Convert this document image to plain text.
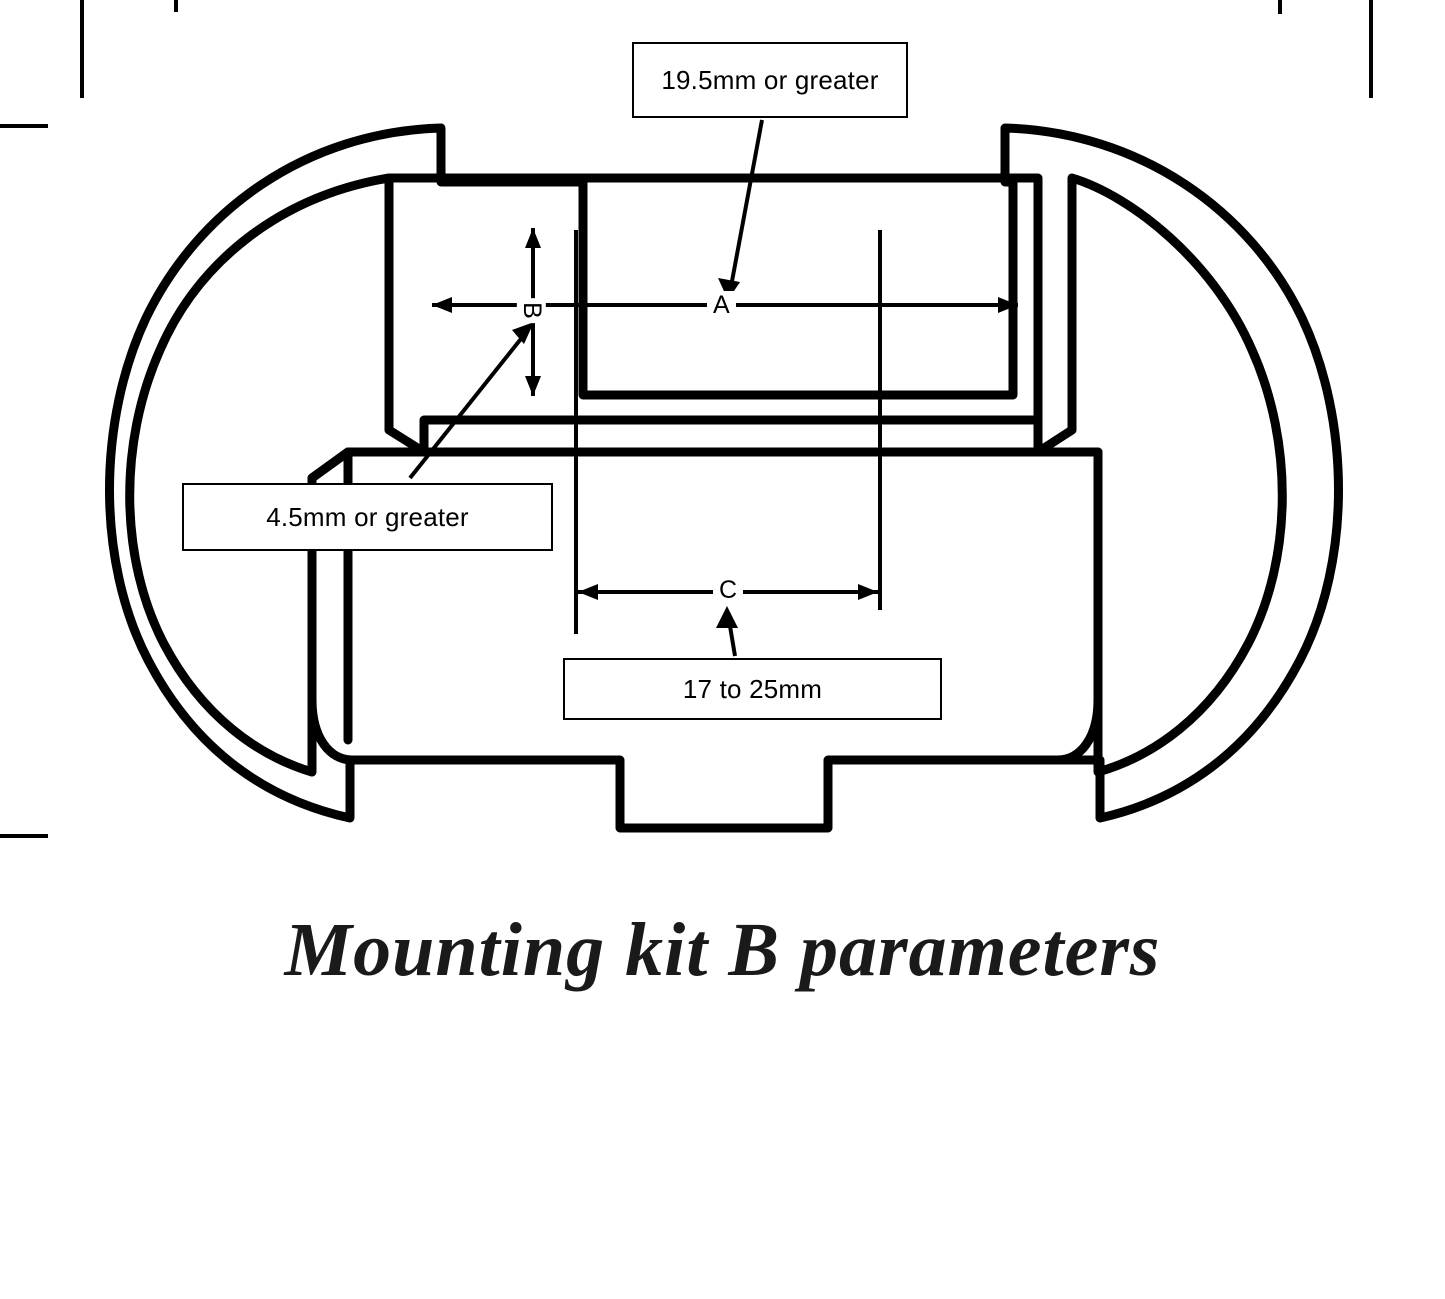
19.5mm or greater
4.5mm or greater
17 to 25mm
A
B
C
Mounting kit B parameters
